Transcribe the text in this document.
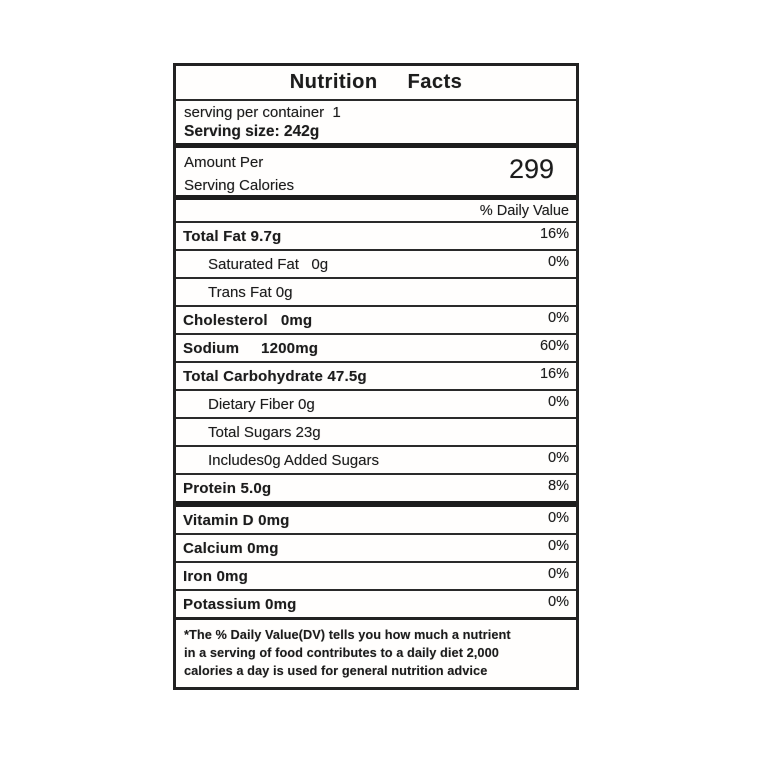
Nutrition Facts
serving per container  1
Serving size: 242g
Amount Per
Serving Calories
299
% Daily Value
Total Fat 9.7g	16%
Saturated Fat   0g	0%
Trans Fat 0g
Cholesterol   0mg	0%
Sodium     1200mg	60%
Total Carbohydrate 47.5g	16%
Dietary Fiber 0g	0%
Total Sugars 23g
Includes0g Added Sugars	0%
Protein 5.0g	8%
Vitamin D 0mg	0%
Calcium 0mg	0%
Iron 0mg	0%
Potassium 0mg	0%
*The % Daily Value(DV) tells you how much a nutrient
in a serving of food contributes to a daily diet 2,000
calories a day is used for general nutrition advice
